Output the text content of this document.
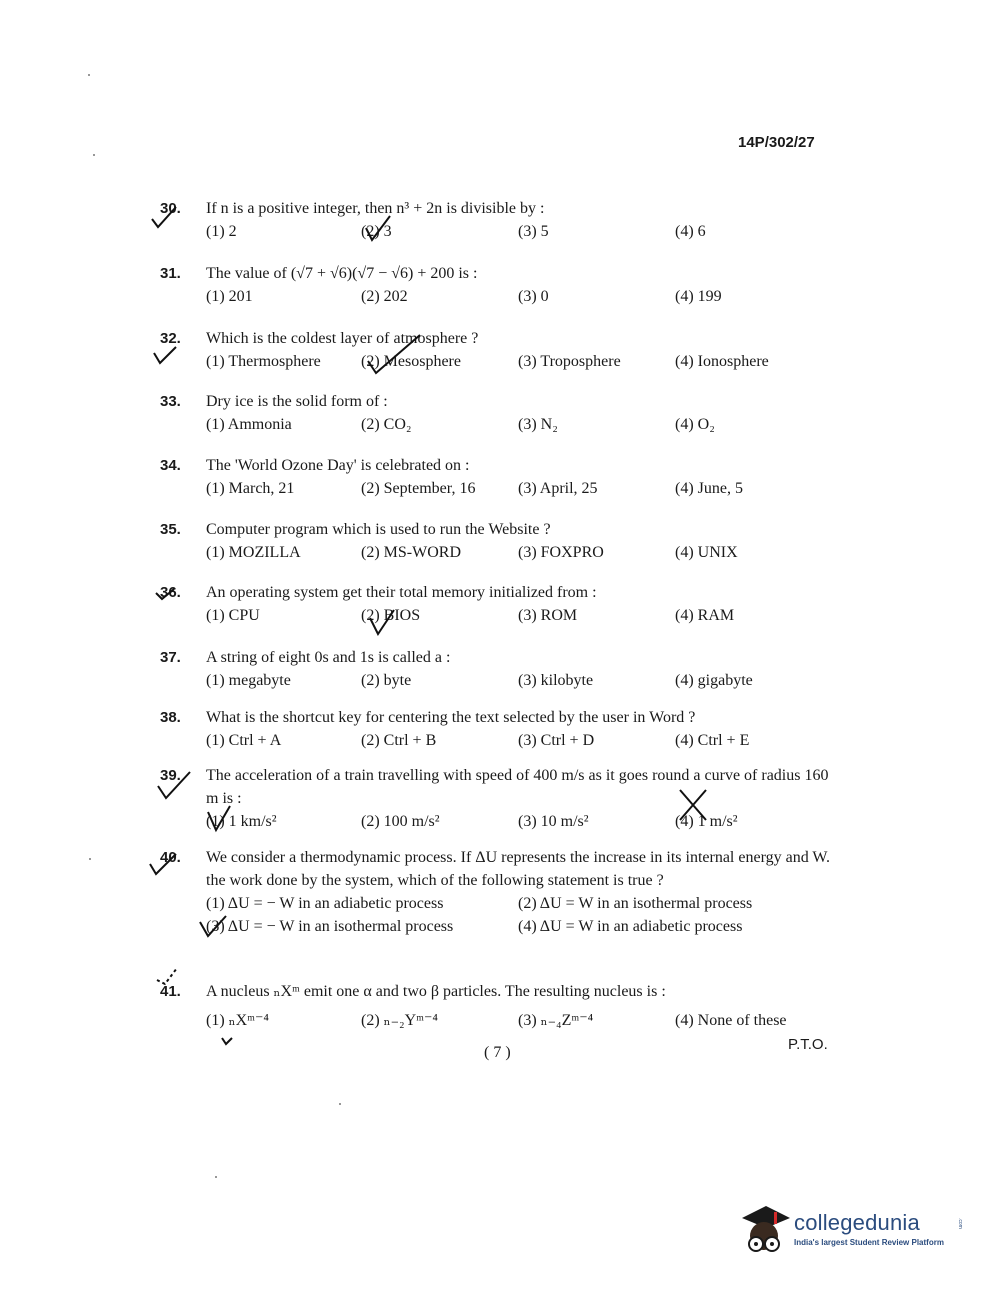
14P/302/27
30.	If n is a positive integer, then n³ + 2n is divisible by :
(1) 2	(2) 3	(3) 5	(4) 6
31.	The value of (√7 + √6)(√7 − √6) + 200 is :
(1) 201	(2) 202	(3) 0	(4) 199
32.	Which is the coldest layer of atmosphere ?
(1) Thermosphere	(2) Mesosphere	(3) Troposphere	(4) Ionosphere
33.	Dry ice is the solid form of :
(1) Ammonia	(2) CO₂	(3) N₂	(4) O₂
34.	The 'World Ozone Day' is celebrated on :
(1) March, 21	(2) September, 16	(3) April, 25	(4) June, 5
35.	Computer program which is used to run the Website ?
(1) MOZILLA	(2) MS-WORD	(3) FOXPRO	(4) UNIX
36.	An operating system get their total memory initialized from :
(1) CPU	(2) BIOS	(3) ROM	(4) RAM
37.	A string of eight 0s and 1s is called a :
(1) megabyte	(2) byte	(3) kilobyte	(4) gigabyte
38.	What is the shortcut key for centering the text selected by the user in Word ?
(1) Ctrl + A	(2) Ctrl + B	(3) Ctrl + D	(4) Ctrl + E
39.	The acceleration of a train travelling with speed of 400 m/s as it goes round a curve of radius 160 m is :
(1) 1 km/s²	(2) 100 m/s²	(3) 10 m/s²	(4) 1 m/s²
40.	We consider a thermodynamic process. If ΔU represents the increase in its internal energy and W. the work done by the system, which of the following statement is true ?
(1) ΔU = − W in an adiabetic process	(2) ΔU = W in an isothermal process
(3) ΔU = − W in an isothermal process	(4) ΔU = W in an adiabetic process
41.	A nucleus ₙXᵐ emit one α and two β particles. The resulting nucleus is :
(1) ₙXᵐ⁻⁴	(2) ₙ₋₂Yᵐ⁻⁴	(3) ₙ₋₄Zᵐ⁻⁴	(4) None of these
( 7 )	P.T.O.
collegedunia
India's largest Student Review Platform
.com
